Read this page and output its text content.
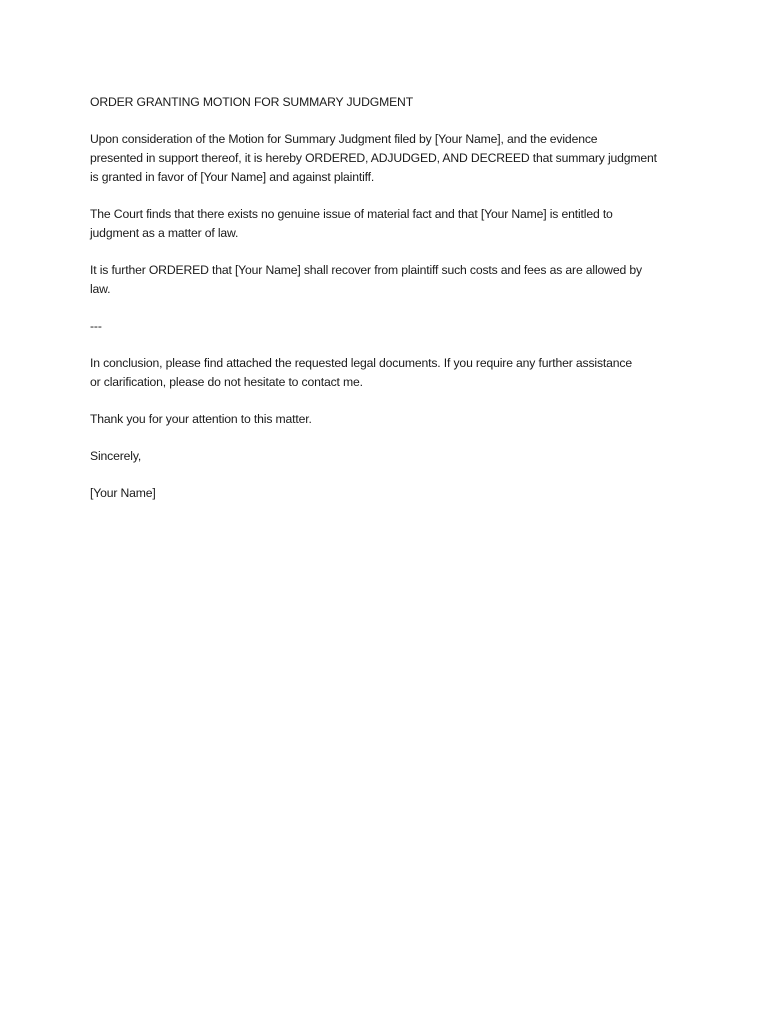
ORDER GRANTING MOTION FOR SUMMARY JUDGMENT

Upon consideration of the Motion for Summary Judgment filed by [Your Name], and the evidence
presented in support thereof, it is hereby ORDERED, ADJUDGED, AND DECREED that summary judgment
is granted in favor of [Your Name] and against plaintiff.

The Court finds that there exists no genuine issue of material fact and that [Your Name] is entitled to
judgment as a matter of law.

It is further ORDERED that [Your Name] shall recover from plaintiff such costs and fees as are allowed by
law.

---

In conclusion, please find attached the requested legal documents. If you require any further assistance
or clarification, please do not hesitate to contact me.

Thank you for your attention to this matter.

Sincerely,

[Your Name]
